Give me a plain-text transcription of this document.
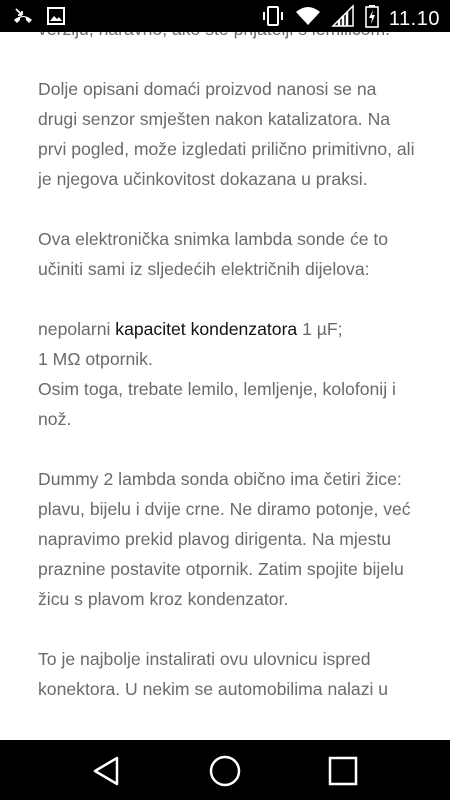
11.10

Dolje opisani domaći proizvod nanosi se na drugi senzor smješten nakon katalizatora. Na prvi pogled, može izgledati prilično primitivno, ali je njegova učinkovitost dokazana u praksi.

Ova elektronička snimka lambda sonde će to učiniti sami iz sljedećih električnih dijelova:

nepolarni kapacitet kondenzatora 1 µF;
1 MΩ otpornik.
Osim toga, trebate lemilo, lemljenje, kolofonij i nož.

Dummy 2 lambda sonda obično ima četiri žice: plavu, bijelu i dvije crne. Ne diramo potonje, već napravimo prekid plavog dirigenta. Na mjestu praznine postavite otpornik. Zatim spojite bijelu žicu s plavom kroz kondenzator.

To je najbolje instalirati ovu ulovnicu ispred konektora. U nekim se automobilima nalazi u
